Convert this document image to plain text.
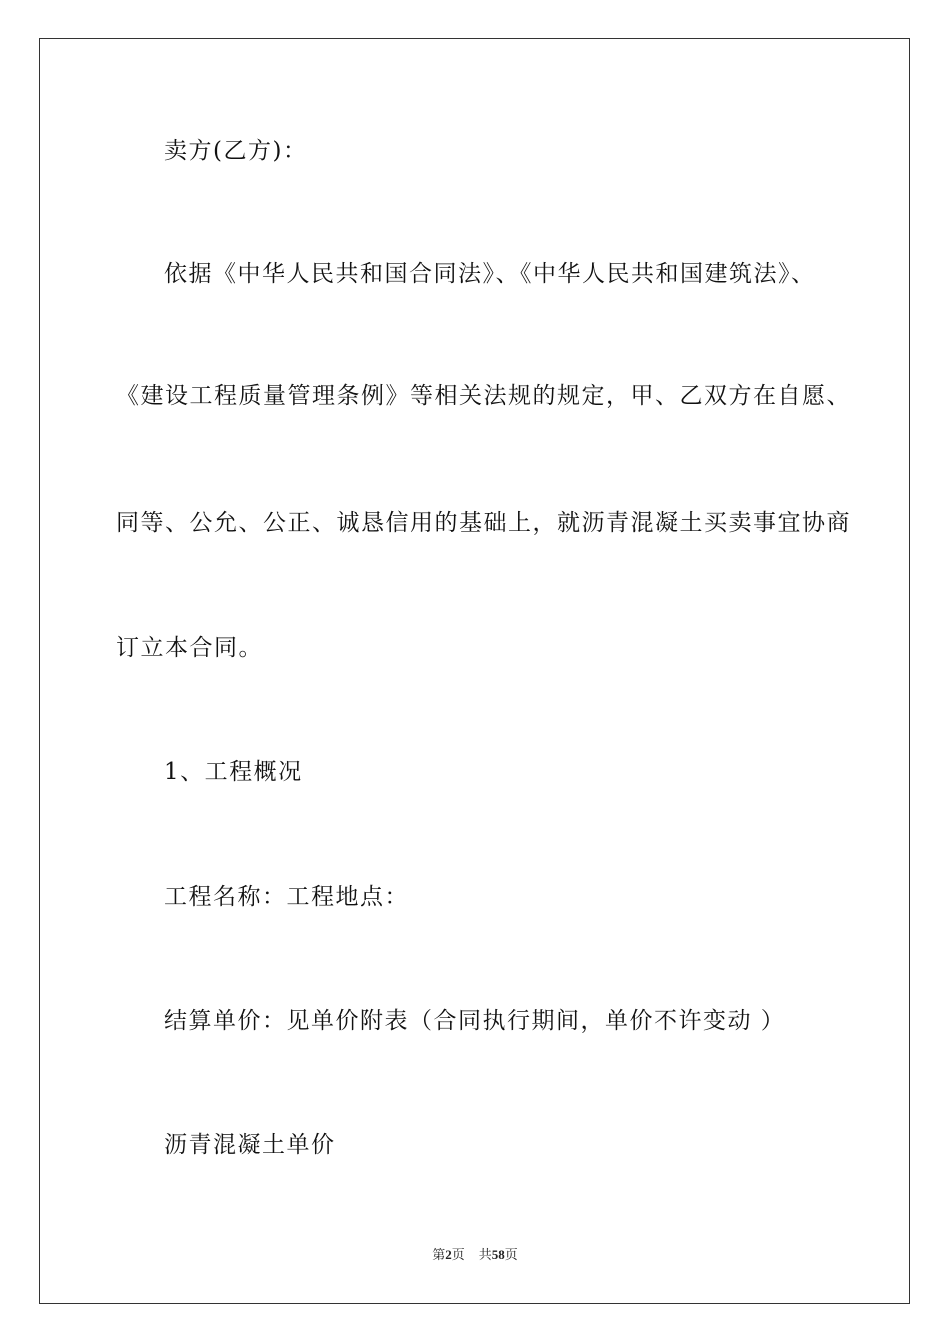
卖方(乙方)：
依据《中华人民共和国合同法》、《中华人民共和国建筑法》、
《建设工程质量管理条例》等相关法规的规定，甲、乙双方在自愿、
同等、公允、公正、诚恳信用的基础上，就沥青混凝土买卖事宜协商
订立本合同。
1、工程概况
工程名称：工程地点：
结算单价：见单价附表（合同执行期间，单价不许变动 ）
沥青混凝土单价
第2页 共58页
